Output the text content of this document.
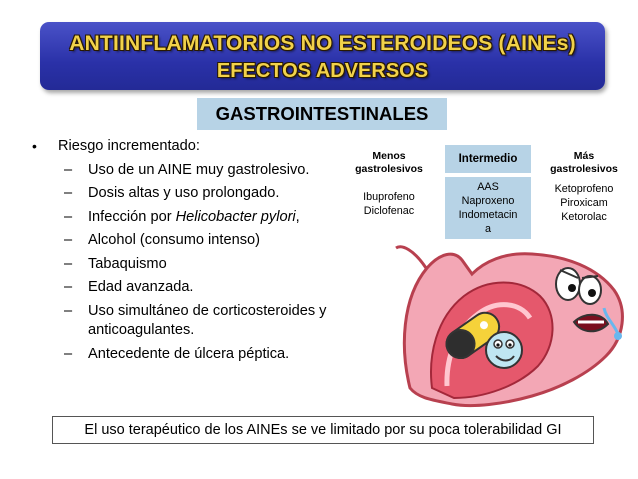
ANTIINFLAMATORIOS NO ESTEROIDEOS (AINEs)
EFECTOS ADVERSOS
GASTROINTESTINALES
• Riesgo incrementado:
– Uso de un AINE muy gastrolesivo.
– Dosis altas y uso prolongado.
– Infección por Helicobacter pylori,
– Alcohol (consumo intenso)
– Tabaquismo
– Edad avanzada.
– Uso simultáneo de corticosteroides y anticoagulantes.
– Antecedente de úlcera péptica.
Menos
gastrolesivos
Ibuprofeno
Diclofenac
Intermedio
AAS
Naproxeno
Indometacin
a
Más
gastrolesivos
Ketoprofeno
Piroxicam
Ketorolac
El uso terapéutico de los AINEs se ve limitado por su poca tolerabilidad GI
